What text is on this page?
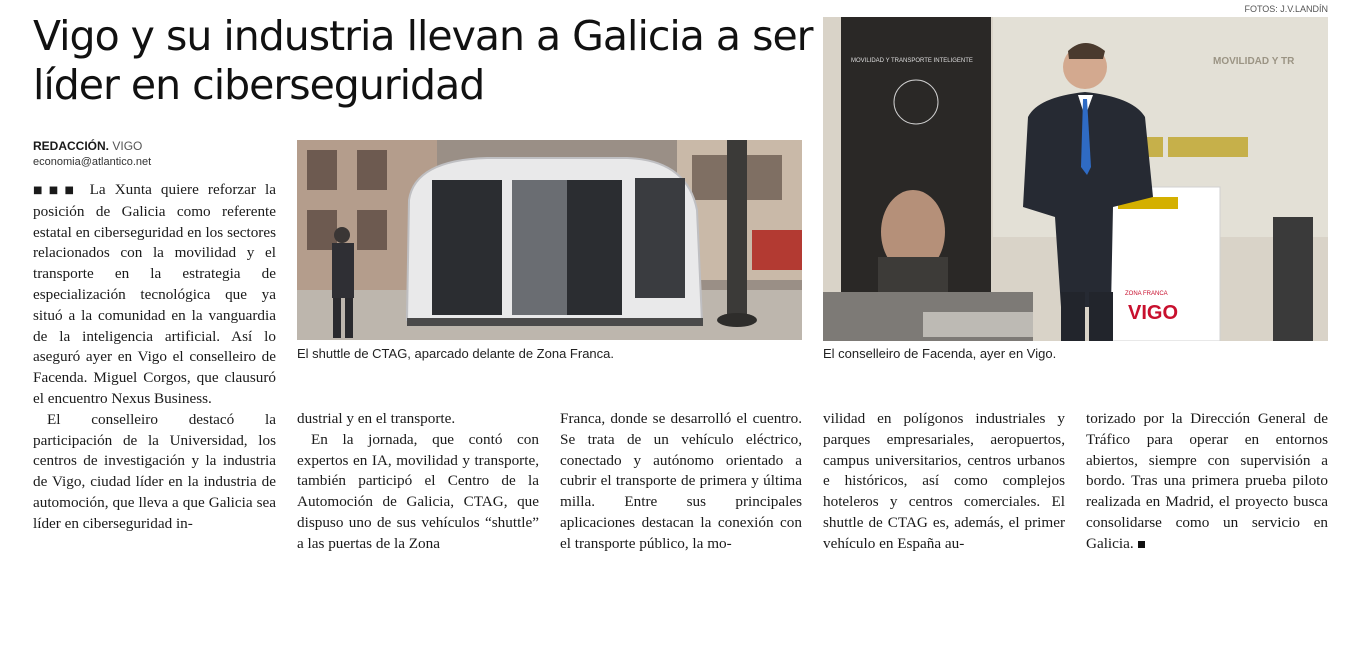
FOTOS: J.V.LANDÍN
Vigo y su industria llevan a Galicia a ser líder en ciberseguridad
REDACCIÓN. VIGO
economia@atlantico.net
El shuttle de CTAG, aparcado delante de Zona Franca.
MOVILIDAD Y TR
MOVILIDAD Y TRANSPORTE INTELIGENTE
ZONA FRANCA
VIGO
El conselleiro de Facenda, ayer en Vigo.

■■■ La Xunta quiere reforzar la posición de Galicia como referente estatal en ciberseguridad en los sectores relacionados con la movilidad y el transporte en la estrategia de especialización tecnológica que ya situó a la comunidad en la vanguardia de la inteligencia artificial. Así lo aseguró ayer en Vigo el conselleiro de Facenda. Miguel Corgos, que clausuró el encuentro Nexus Business.

El conselleiro destacó la participación de la Universidad, los centros de investigación y la industria de Vigo, ciudad líder en la industria de automoción, que lleva a que Galicia sea líder en ciberseguridad in-

dustrial y en el transporte.

En la jornada, que contó con expertos en IA, movilidad y transporte, también participó el Centro de la Automoción de Galicia, CTAG, que dispuso uno de sus vehículos “shuttle” a las puertas de la Zona

Franca, donde se desarrolló el cuentro. Se trata de un vehículo eléctrico, conectado y autónomo orientado a cubrir el transporte de primera y última milla. Entre sus principales aplicaciones destacan la conexión con el transporte público, la mo-

vilidad en polígonos industriales y parques empresariales, aeropuertos, campus universitarios, centros urbanos e históricos, así como complejos hoteleros y centros comerciales. El shuttle de CTAG es, además, el primer vehículo en España au-

torizado por la Dirección General de Tráfico para operar en entornos abiertos, siempre con supervisión a bordo. Tras una primera prueba piloto realizada en Madrid, el proyecto busca consolidarse como un servicio en Galicia.
